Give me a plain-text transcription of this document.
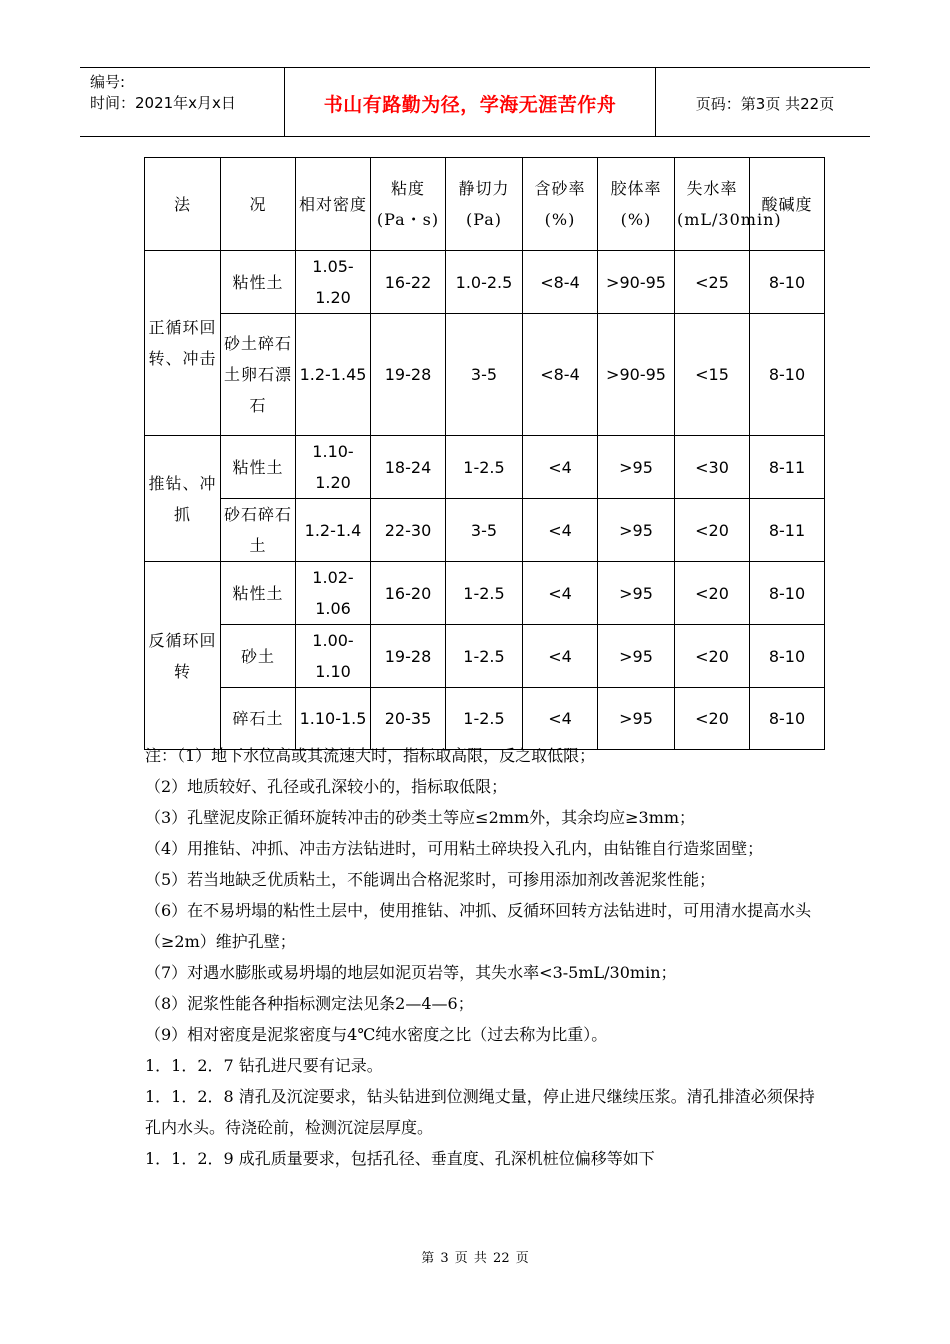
编号:
时间：2021年x月x日	书山有路勤为径，学海无涯苦作舟	页码：第3页 共22页
法	况	相对密度	粘度(Pa・s)	静切力(Pa)	含砂率(%)	胶体率(%)	失水率(mL/30min)	酸碱度
正循环回转、冲击	粘性土	1.05-1.20	16-22	1.0-2.5	<8-4	>90-95	<25	8-10
	砂土碎石土卵石漂石	1.2-1.45	19-28	3-5	<8-4	>90-95	<15	8-10
推钻、冲抓	粘性土	1.10-1.20	18-24	1-2.5	<4	>95	<30	8-11
	砂石碎石土	1.2-1.4	22-30	3-5	<4	>95	<20	8-11
反循环回转	粘性土	1.02-1.06	16-20	1-2.5	<4	>95	<20	8-10
	砂土	1.00-1.10	19-28	1-2.5	<4	>95	<20	8-10
	碎石土	1.10-1.5	20-35	1-2.5	<4	>95	<20	8-10

注：（1）地下水位高或其流速大时，指标取高限，反之取低限；

（2）地质较好、孔径或孔深较小的，指标取低限；

（3）孔壁泥皮除正循环旋转冲击的砂类土等应≤2mm外，其余均应≥3mm；

（4）用推钻、冲抓、冲击方法钻进时，可用粘土碎块投入孔内，由钻锥自行造浆固壁；

（5）若当地缺乏优质粘土，不能调出合格泥浆时，可掺用添加剂改善泥浆性能；

（6）在不易坍塌的粘性土层中，使用推钻、冲抓、反循环回转方法钻进时，可用清水提高水头（≥2m）维护孔壁；

（7）对遇水膨胀或易坍塌的地层如泥页岩等，其失水率<3-5mL/30min；

（8）泥浆性能各种指标测定法见条2—4—6；

（9）相对密度是泥浆密度与4℃纯水密度之比（过去称为比重）。

1．1．2．7 钻孔进尺要有记录。

1．1．2．8 清孔及沉淀要求，钻头钻进到位测绳丈量，停止进尺继续压浆。清孔排渣必须保持孔内水头。待浇砼前，检测沉淀层厚度。

1．1．2．9 成孔质量要求，包括孔径、垂直度、孔深机桩位偏移等如下

第 3 页 共 22 页
